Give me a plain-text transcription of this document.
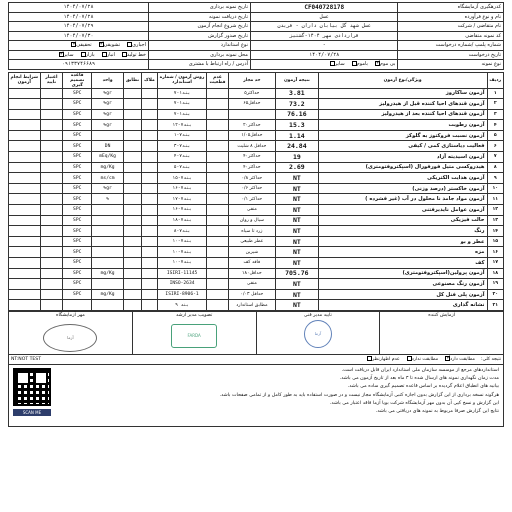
کدرهگیری آزمایشگاه	CF040728178	تاریخ نمونه برداری	۱۴۰۴/۰۷/۲۸
نام و نوع فرآورده	عسل	تاریخ دریافت نمونه	۱۴۰۴/۰۷/۲۸
نام متقاضی / شرکت	عسل شهد گل بیابان داران - فریدن	تاریخ شروع انجام آزمون	۱۴۰۴/۰۷/۲۹
کد نمونه متقاضی	قراردادی مهر ۱۴۰۴-گشتیز	تاریخ صدور گزارش	۱۴۰۴/۰۷/۳۰
شماره پلمپ /شماره درخواست	-	نوع استاندارد	اجباری
تشویقی✓
تحقیقی✓

تاریخ درخواست	۱۴۰۴/۰۷/۲۸	محل نمونه برداری	خط تولید
انبار
بازار
سایر✓

نوع نمونه	بی موم✓
باموم
سایر	آدرس / راه ارتباط با مشتری	۰۹۱۳۳۷۴۶۶۸۹
ردیف	ویژگی/نوع آزمون	نتیجه آزمون	حد مجاز	عدم قطعیت	روش آزمون / شماره استاندارد	ملاک	تطابق	واحد	قاعده تصمیم گیری	اعتبار تایید	شرایط انجام آزمون
۱	آزمون ساکاروز	3.81	حداکثر۵		بند۱-۷			gr%	SPC		
۲	آزمون قندهای احیا کننده قبل از هیدرولیز	73.2	حداقل۶۵		بند۱-۷			gr%	SPC		
۳	آزمون قندهای احیا کننده بعد از هیدرولیز	76.16			بند۱-۷			gr%	SPC		
۴	آزمون رطوبت	15.3	حداکثر۲۰		بند۷-۱۲			gr%	SPC		
۵	آزمون نسبت فروکتوز به گلوکز	1.14	حداقل۱/۰۵		بند۷-۱				SPC		
۶	فعالیت دیاستازی کمی / کیفی	24.84	حداقل ۸ شلیت		بند۷-۳			DN	SPC		
۷	آزمون اسیدیته آزاد	19	حداکثر۴۰		بند۷-۴			mEq/Kg	SPC		
۸	هیدروکسی متیل فورفورال (اسپکتروفتومتری)	2.69	حداکثر۴۰		بند۷-۵			mg/Kg	SPC		
۹	آزمون هدایت الکتریکی	NT	حداکثر ۰/۸		بند۷-۱۵			ms/cm	SPC		
۱۰	آزمون خاکستر (درصد وزنی)	NT	حداکثر ۰/۶		بند۷-۱۶			gr%	SPC		
۱۱	آزمون مواد جامد نا محلول در آب (غیر فشرده )	NT	حداکثر ۰/۱		بند۷-۱۷			%	SPC		
۱۲	آزمون عوامل نایذیرفتنی	NT	منفی		بند۷-۱۶				SPC		
۱۳	حالت فیزیکی	NT	سیال و روان		بند۷-۱۸				SPC		
۱۴	رنگ	NT	زرد تا سیاه		بند۷-۸				SPC		
۱۵	عطر و بو	NT	عطر طبیعی		بند۷-۱۰				SPC		
۱۶	مزه	NT	شیرین		بند۷-۱۰				SPC		
۱۷	کف	NT	فاقد کف		بند۷-۱۰				SPC		
۱۸	آزمون پرولین(اسپکتروفتومتری)	705.76	حداقل۱۸۰		ISIRI-11145			mg/Kg	SPC		
۱۹	آزمون رنگ مصنوعی	NT	منفی		INSO-2634				SPC		
۲۰	آزمون پلی فنل کل	NT	حداقل ۰/۰۳		ISIRI-8906-1			mg/Kg	SPC		
۲۱	نشانه گذاری	NT	مطابق استاندارد		بند ۹						
آزمایش کننده
تایید مدیر فنی
آزما
تصویب مدیر ارشد
FARDA
مهر آزمایشگاه
آزما
نتیجه کلی:
مطابقت دارد✓
مطابقت ندارد
عدم اظهارنظر
NT:NOT TEST
SCAN ME
استانداردهای مرجع از موسسه سازمان ملی استاندارد ایران قابل دریافت است.
مدت زمان نگهداری نمونه های ارسال شده تا ۳ ماه بعد از تاریخ آزمون می باشد.
بیانیه های انطباق اعلام گردیده بر اساس قاعده تصمیم گیری ساده می باشد.
هرگونه نسخه برداری از این گزارش بدون اجازه کتبی آزمایشگاه مجاز نیست و در صورت استفاده باید به طور کامل و از تمامی صفحات باشد.
این گزارش و نسخ کپی آن بدون مهر آزمایشگاه شرکت بویا آزما فاقد اعتبار می باشد.
نتایج این گزارش صرفا مربوط به نمونه های دریافتی می باشد.
